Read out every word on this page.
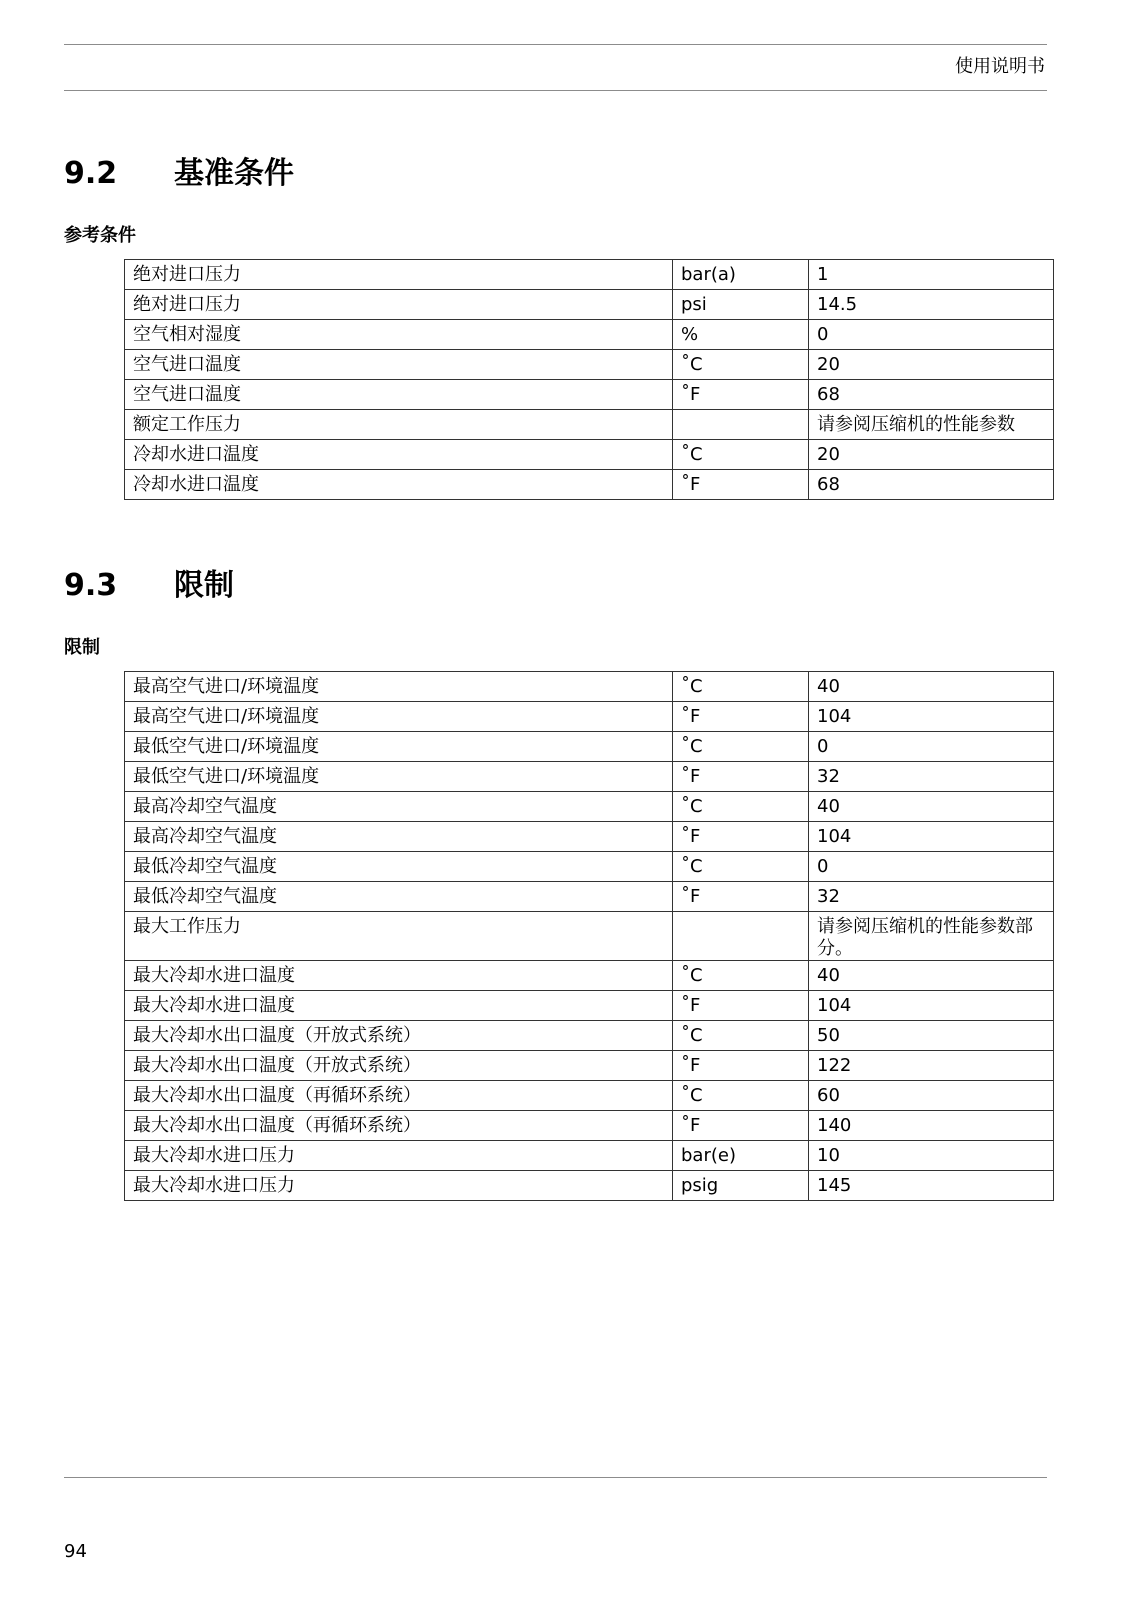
使用说明书
9.2 基准条件
参考条件
绝对进口压力	bar(a)	1
绝对进口压力	psi	14.5
空气相对湿度	%	0
空气进口温度	˚C	20
空气进口温度	˚F	68
额定工作压力		请参阅压缩机的性能参数
冷却水进口温度	˚C	20
冷却水进口温度	˚F	68
9.3 限制
限制
最高空气进口/环境温度	˚C	40
最高空气进口/环境温度	˚F	104
最低空气进口/环境温度	˚C	0
最低空气进口/环境温度	˚F	32
最高冷却空气温度	˚C	40
最高冷却空气温度	˚F	104
最低冷却空气温度	˚C	0
最低冷却空气温度	˚F	32
最大工作压力		请参阅压缩机的性能参数部分。
最大冷却水进口温度	˚C	40
最大冷却水进口温度	˚F	104
最大冷却水出口温度（开放式系统）	˚C	50
最大冷却水出口温度（开放式系统）	˚F	122
最大冷却水出口温度（再循环系统）	˚C	60
最大冷却水出口温度（再循环系统）	˚F	140
最大冷却水进口压力	bar(e)	10
最大冷却水进口压力	psig	145
94
